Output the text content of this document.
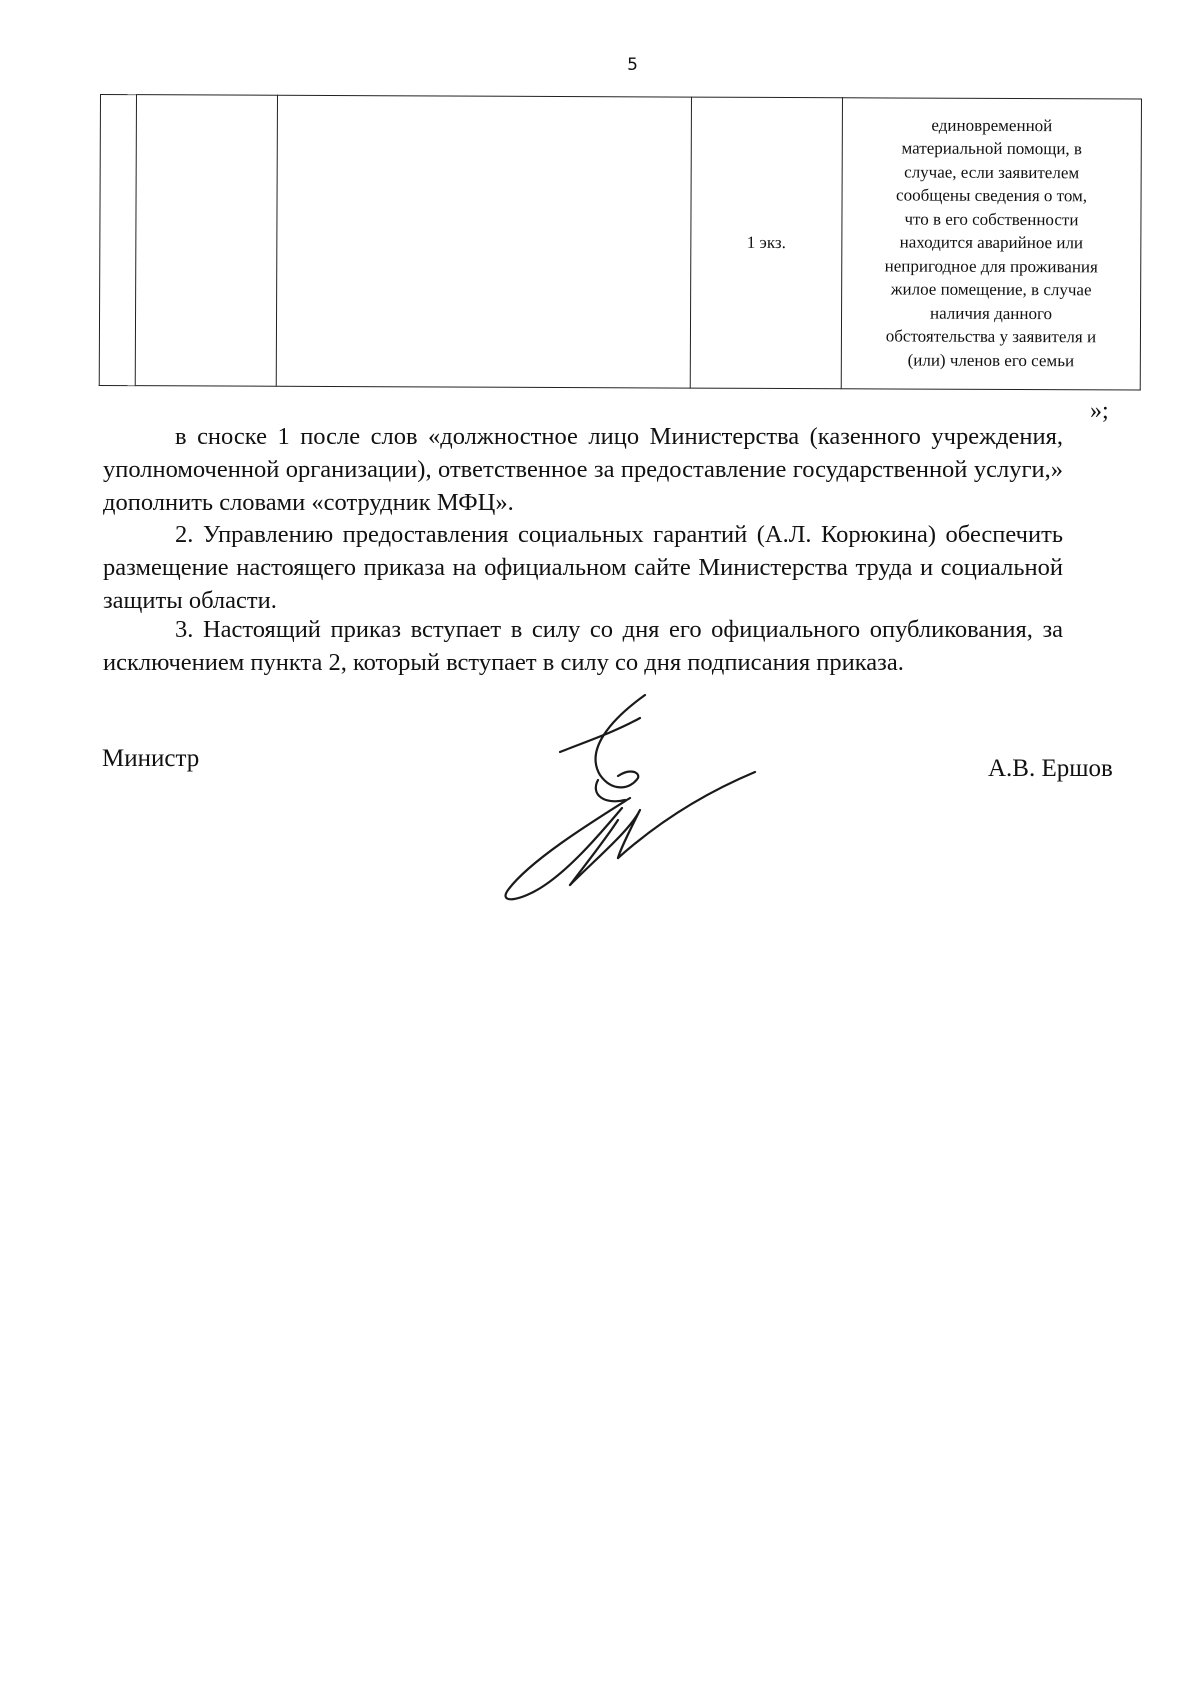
5
			1 экз.	единовременной
материальной помощи, в
случае, если заявителем
сообщены сведения о том,
что в его собственности
находится аварийное или
непригодное для проживания
жилое помещение, в случае
наличия данного
обстоятельства у заявителя и
(или) членов его семьи
»;
в сноске 1 после слов «должностное лицо Министерства (казенного учреждения, уполномоченной организации), ответственное за предоставление государственной услуги,» дополнить словами «сотрудник МФЦ».
2. Управлению предоставления социальных гарантий (А.Л. Корюкина) обеспечить размещение настоящего приказа на официальном сайте Министерства труда и социальной защиты области.
3. Настоящий приказ вступает в силу со дня его официального опубликования, за исключением пункта 2, который вступает в силу со дня подписания приказа.
Министр	А.В. Ершов
